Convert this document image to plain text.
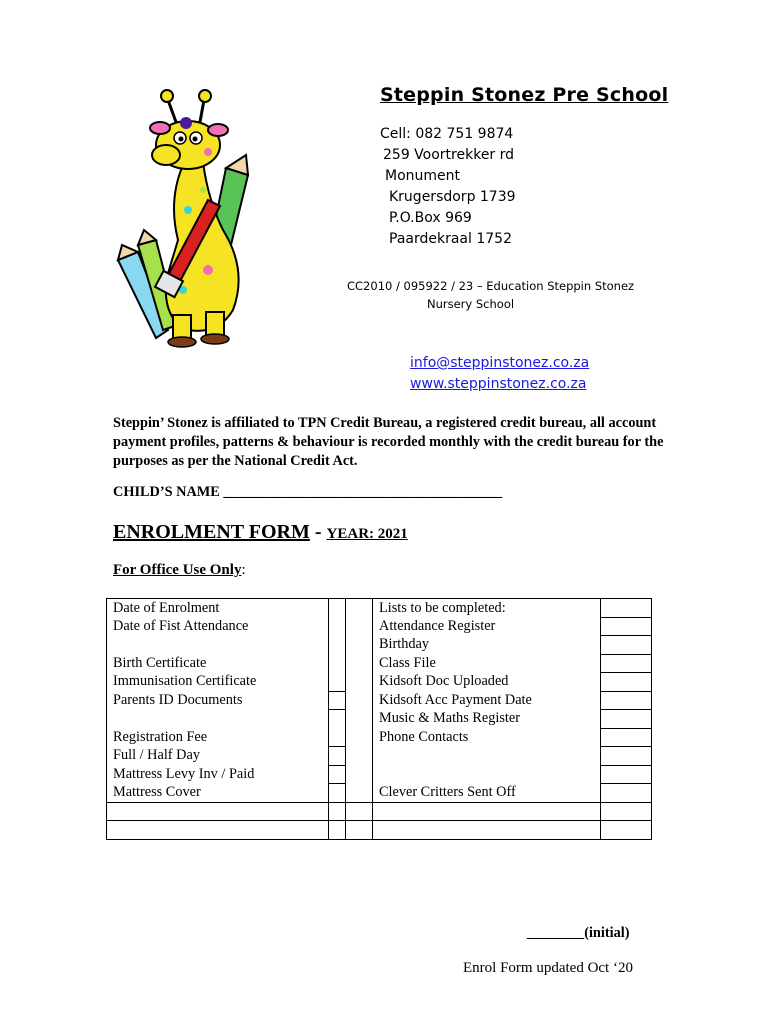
Steppin Stonez Pre School
Cell: 082 751 9874
259 Voortrekker rd
Monument
Krugersdorp 1739
P.O.Box 969
Paardekraal 1752
CC2010 / 095922 / 23 – Education Steppin Stonez
Nursery School
info@steppinstonez.co.za
www.steppinstonez.co.za
Steppin’ Stonez is affiliated to TPN Credit Bureau, a registered credit bureau, all account payment profiles, patterns & behaviour is recorded monthly with the credit bureau for the purposes as per the National Credit Act.
CHILD’S NAME _______________________________________
ENROLMENT FORM - YEAR: 2021
For Office Use Only:
Date of Enrolment			Lists to be completed:	
Date of Fist Attendance			Attendance Register	
			Birthday	
Birth Certificate			Class File	
Immunisation Certificate			Kidsoft Doc Uploaded	
Parents ID Documents			Kidsoft Acc Payment Date	
			Music & Maths Register	
Registration Fee			Phone Contacts	
Full / Half Day				
Mattress Levy Inv / Paid				
Mattress Cover			Clever Critters Sent Off	

________(initial)
Enrol Form updated Oct ‘20
